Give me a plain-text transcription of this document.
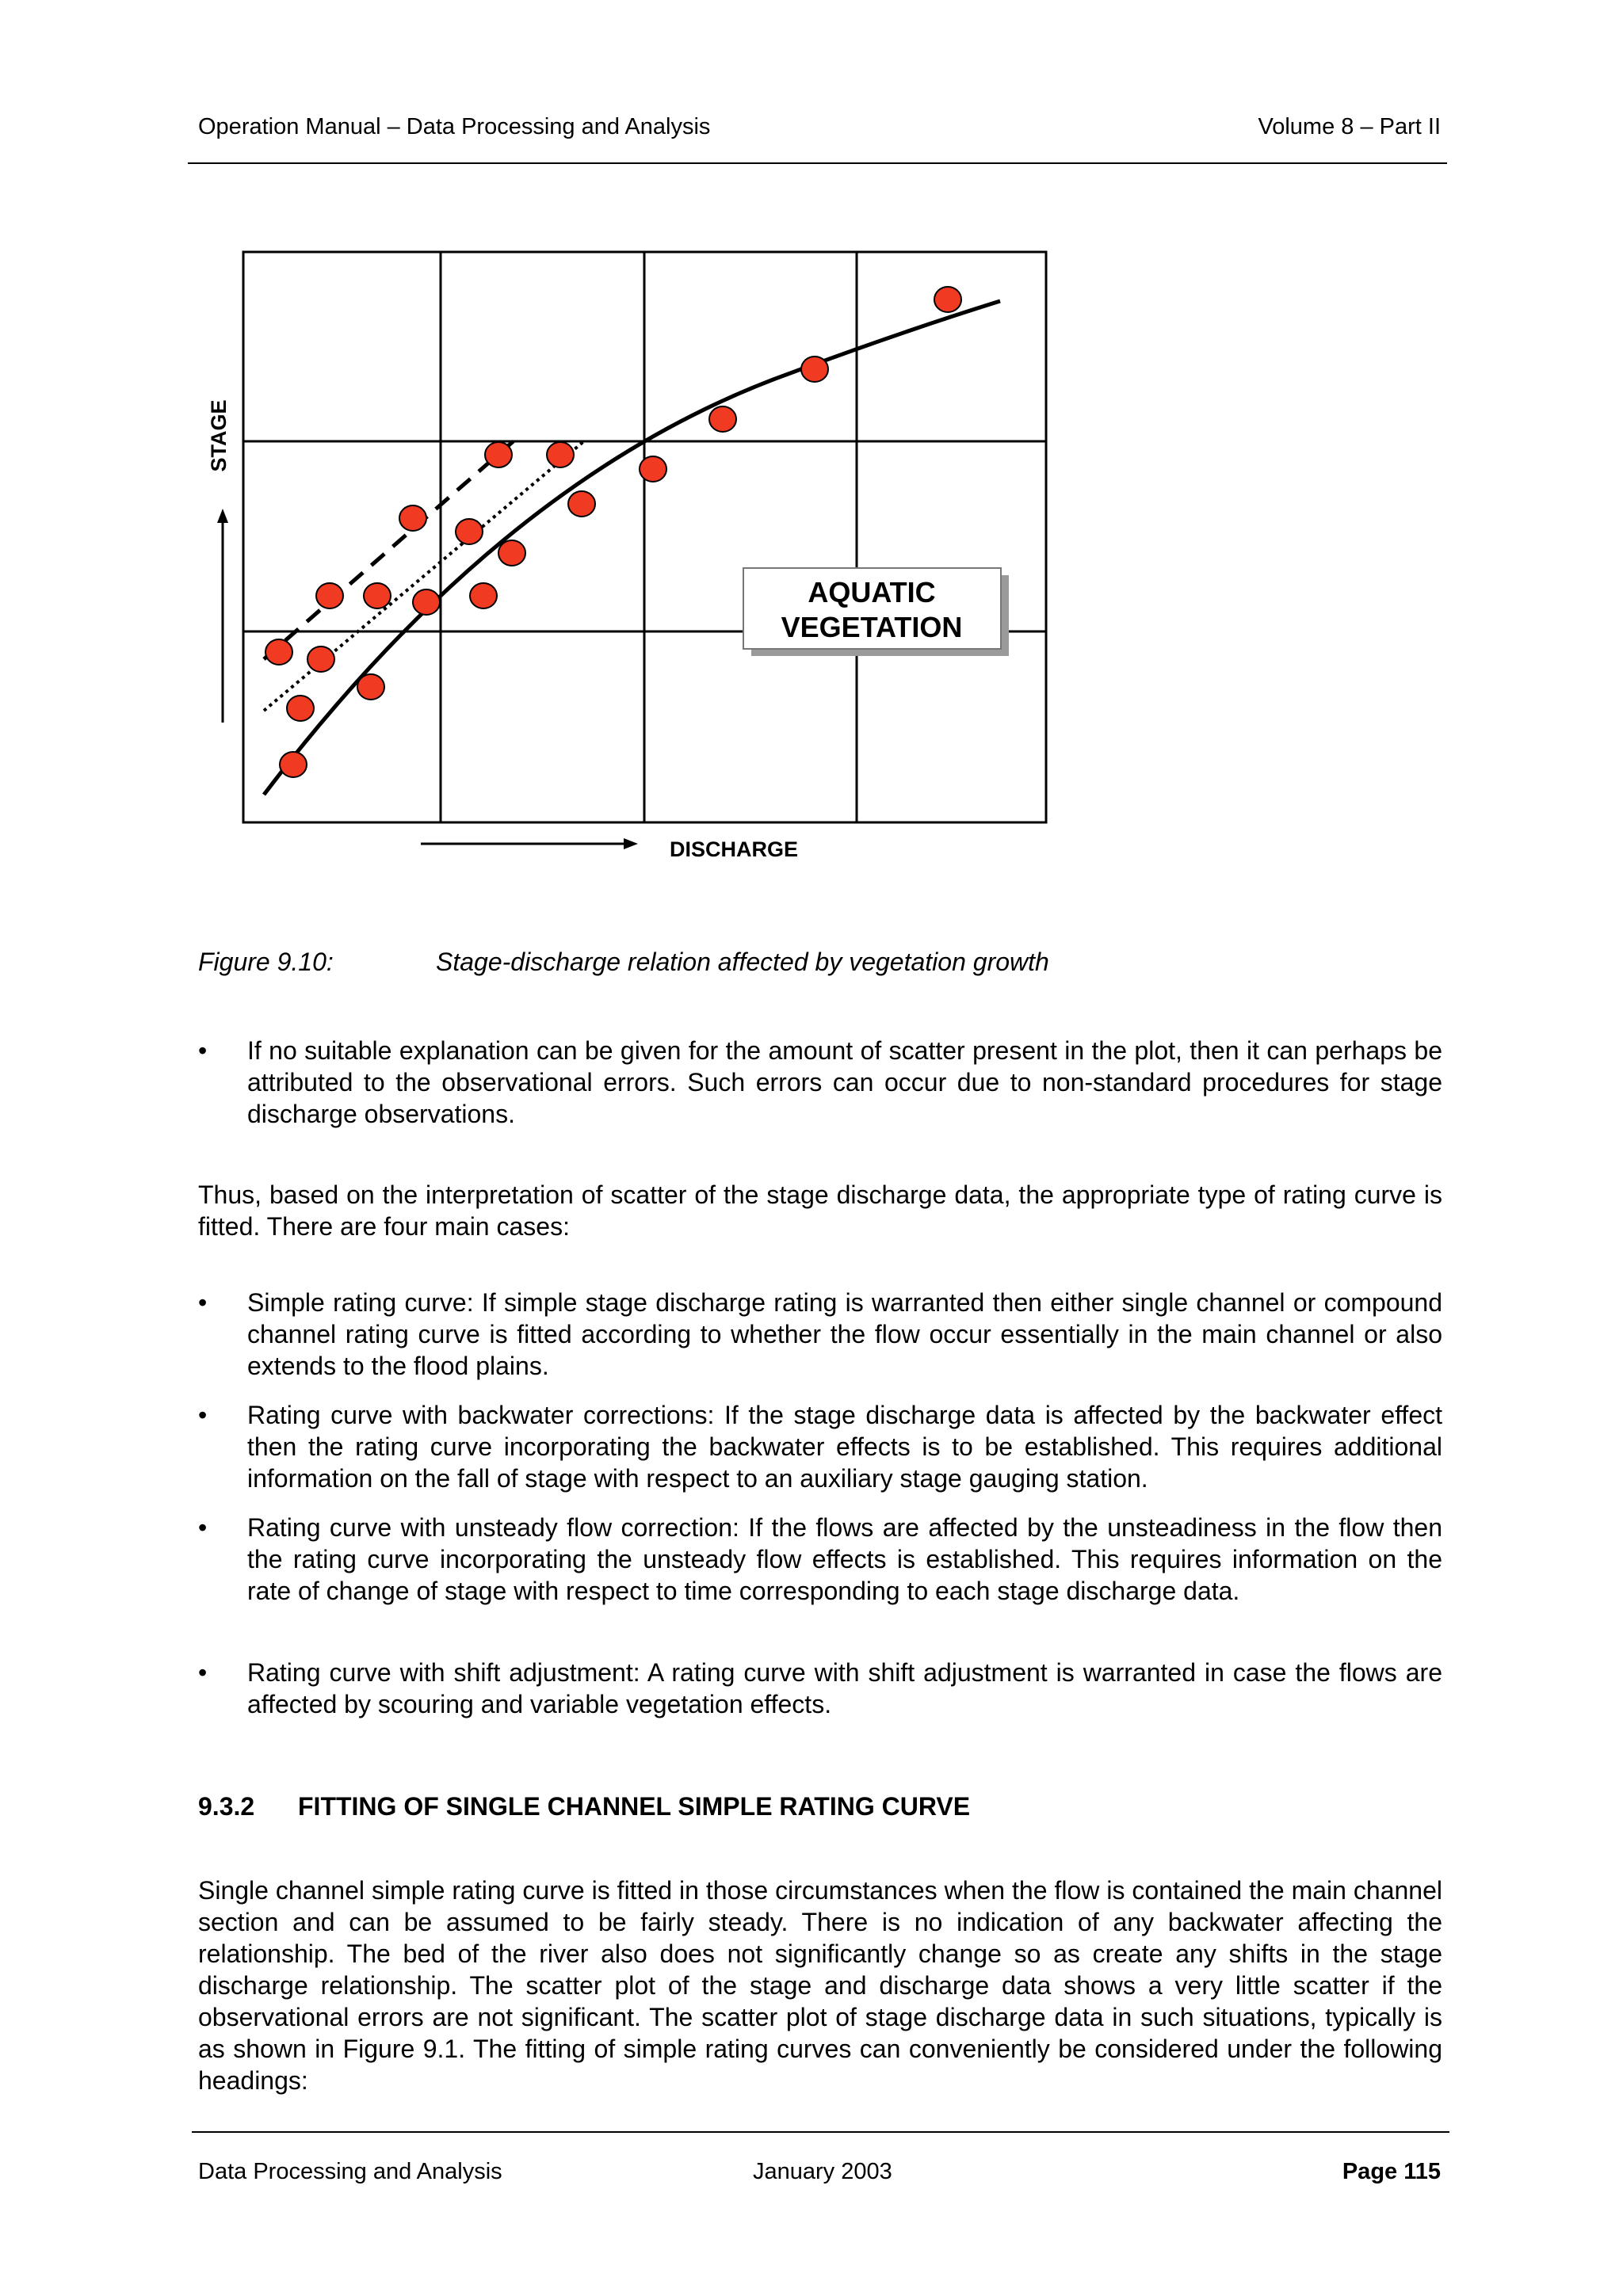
Operation Manual – Data Processing and Analysis	Volume 8 – Part II
AQUATIC
VEGETATION
STAGE
DISCHARGE
Figure 9.10:	Stage-discharge relation affected by vegetation growth
•	If no suitable explanation can be given for the amount of scatter present in the plot, then it can perhaps be attributed to the observational errors. Such errors can occur due to non-standard procedures for stage discharge observations.
Thus, based on the interpretation of scatter of the stage discharge data, the appropriate type of rating curve is fitted. There are four main cases:
•	Simple rating curve: If simple stage discharge rating is warranted then either single channel or compound channel rating curve is fitted according to whether the flow occur essentially in the main channel or also extends to the flood plains.
•	Rating curve with backwater corrections: If the stage discharge data is affected by the backwater effect then the rating curve incorporating the backwater effects is to be established. This requires additional information on the fall of stage with respect to an auxiliary stage gauging station.
•	Rating curve with unsteady flow correction: If the flows are affected by the unsteadiness in the flow then the rating curve incorporating the unsteady flow effects is established. This requires information on the rate of change of stage with respect to time corresponding to each stage discharge data.
•	Rating curve with shift adjustment: A rating curve with shift adjustment is warranted in case the flows are affected by scouring and variable vegetation effects.
9.3.2 FITTING OF SINGLE CHANNEL SIMPLE RATING CURVE
Single channel simple rating curve is fitted in those circumstances when the flow is contained the main channel section and can be assumed to be fairly steady. There is no indication of any backwater affecting the relationship. The bed of the river also does not significantly change so as create any shifts in the stage discharge relationship. The scatter plot of the stage and discharge data shows a very little scatter if the observational errors are not significant. The scatter plot of stage discharge data in such situations, typically is as shown in Figure 9.1. The fitting of simple rating curves can conveniently be considered under the following headings:
Data Processing and Analysis	January 2003	Page 115
